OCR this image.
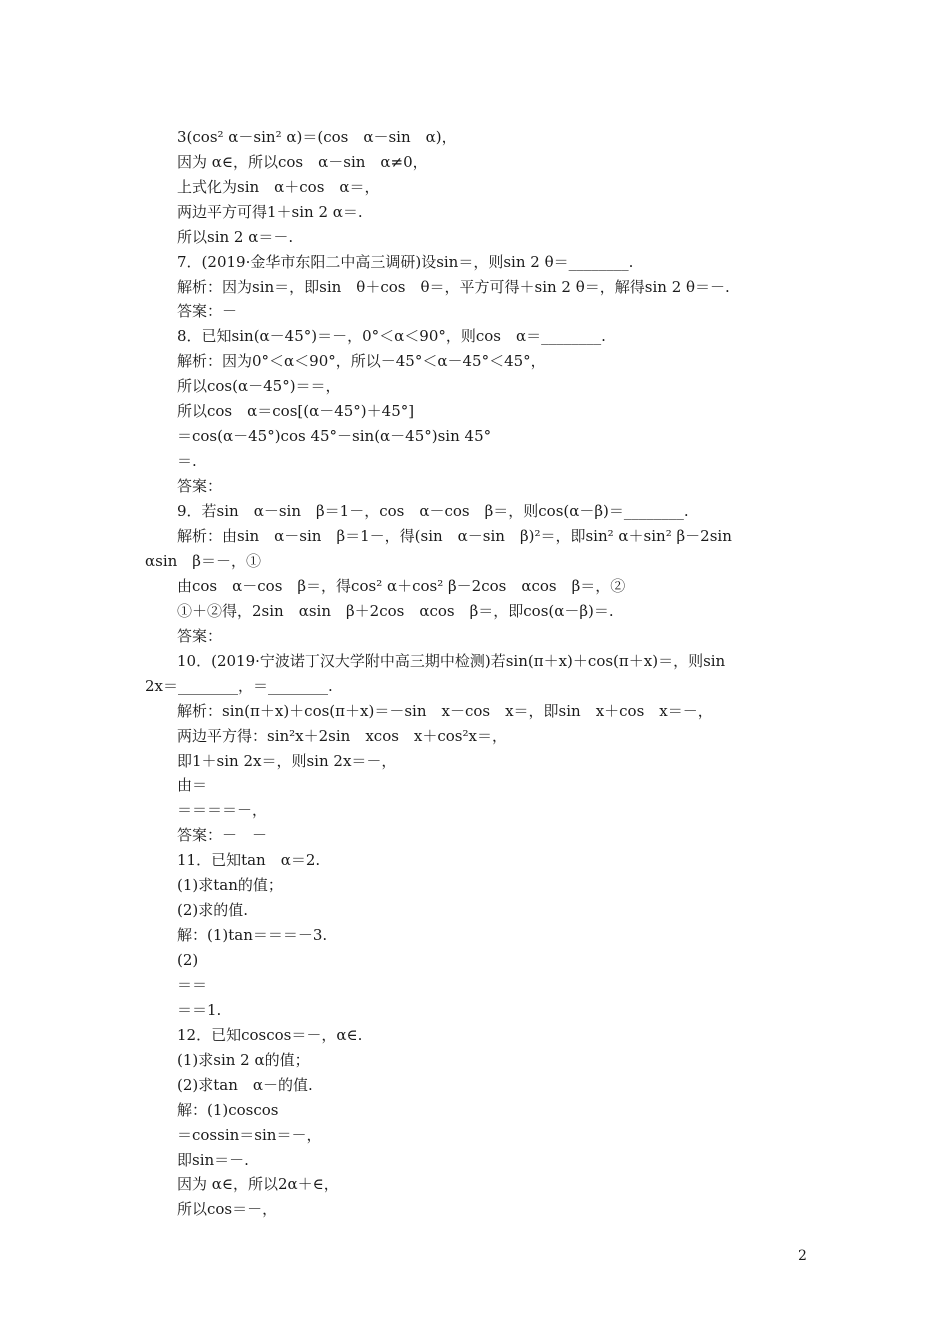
3(cos² α－sin² α)＝(cos　α－sin　α)，
因为 α∈，所以cos　α－sin　α≠0，
上式化为sin　α＋cos　α＝，
两边平方可得1＋sin 2 α＝.
所以sin 2 α＝－.
7．(2019·金华市东阳二中高三调研)设sin＝，则sin 2 θ＝________.
解析：因为sin＝，即sin　θ＋cos　θ＝，平方可得＋sin 2 θ＝，解得sin 2 θ＝－.
答案：－
8．已知sin(α－45°)＝－，0°＜α＜90°，则cos　α＝________.
解析：因为0°＜α＜90°，所以－45°＜α－45°＜45°，
所以cos(α－45°)＝＝，
所以cos　α＝cos[(α－45°)＋45°]
＝cos(α－45°)cos 45°－sin(α－45°)sin 45°
＝.
答案：
9．若sin　α－sin　β＝1－，cos　α－cos　β＝，则cos(α－β)＝________.
解析：由sin　α－sin　β＝1－，得(sin　α－sin　β)²＝，即sin² α＋sin² β－2sin
αsin　β＝－，①
由cos　α－cos　β＝，得cos² α＋cos² β－2cos　αcos　β＝，②
①＋②得，2sin　αsin　β＋2cos　αcos　β＝，即cos(α－β)＝.
答案：
10．(2019·宁波诺丁汉大学附中高三期中检测)若sin(π＋x)＋cos(π＋x)＝，则sin
2x＝________，＝________.
解析：sin(π＋x)＋cos(π＋x)＝－sin　x－cos　x＝，即sin　x＋cos　x＝－，
两边平方得：sin²x＋2sin　xcos　x＋cos²x＝，
即1＋sin 2x＝，则sin 2x＝－，
由＝
＝＝＝＝－，
答案：－　－
11．已知tan　α＝2.
(1)求tan的值；
(2)求的值.
解：(1)tan＝＝＝－3.
(2)
＝＝
＝＝1.
12．已知coscos＝－，α∈.
(1)求sin 2 α的值；
(2)求tan　α－的值.
解：(1)coscos
＝cossin＝sin＝－，
即sin＝－.
因为 α∈，所以2α＋∈，
所以cos＝－，
2
